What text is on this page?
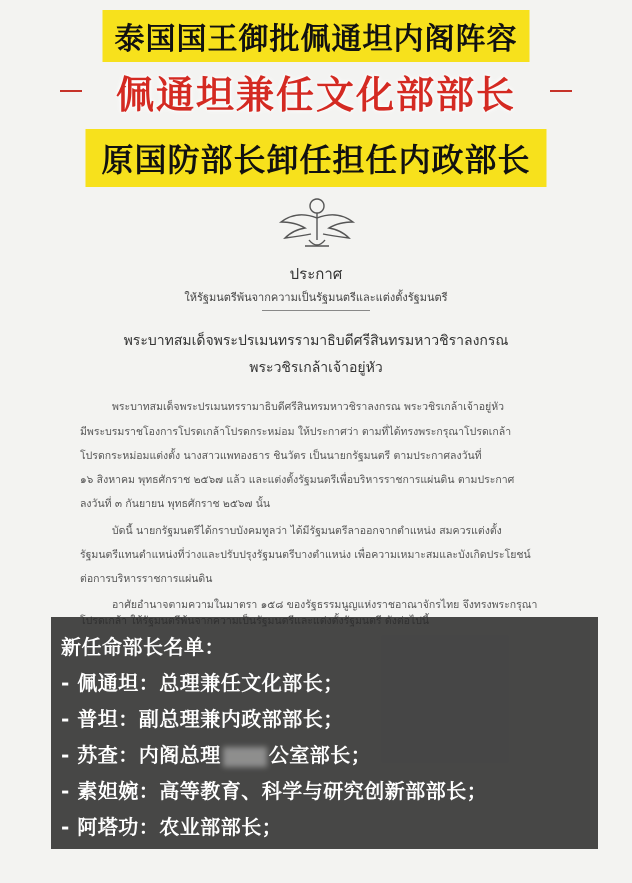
ประกาศ
ให้รัฐมนตรีพ้นจากความเป็นรัฐมนตรีและแต่งตั้งรัฐมนตรี
พระบาทสมเด็จพระปรเมนทรรามาธิบดีศรีสินทรมหาวชิราลงกรณ
พระวชิรเกล้าเจ้าอยู่หัว
พระบาทสมเด็จพระปรเมนทรรามาธิบดีศรีสินทรมหาวชิราลงกรณ พระวชิรเกล้าเจ้าอยู่หัว
มีพระบรมราชโองการโปรดเกล้าโปรดกระหม่อม ให้ประกาศว่า ตามที่ได้ทรงพระกรุณาโปรดเกล้า
โปรดกระหม่อมแต่งตั้ง นางสาวแพทองธาร ชินวัตร เป็นนายกรัฐมนตรี ตามประกาศลงวันที่
๑๖ สิงหาคม พุทธศักราช ๒๕๖๗ แล้ว และแต่งตั้งรัฐมนตรีเพื่อบริหารราชการแผ่นดิน ตามประกาศ
ลงวันที่ ๓ กันยายน พุทธศักราช ๒๕๖๗ นั้น
บัดนี้ นายกรัฐมนตรีได้กราบบังคมทูลว่า ได้มีรัฐมนตรีลาออกจากตำแหน่ง สมควรแต่งตั้ง
รัฐมนตรีแทนตำแหน่งที่ว่างและปรับปรุงรัฐมนตรีบางตำแหน่ง เพื่อความเหมาะสมและบังเกิดประโยชน์
ต่อการบริหารราชการแผ่นดิน
อาศัยอำนาจตามความในมาตรา ๑๕๘ ของรัฐธรรมนูญแห่งราชอาณาจักรไทย จึงทรงพระกรุณา
泰国国王御批佩通坦内阁阵容
佩通坦兼任文化部部长
原国防部长卸任担任内政部长
新任命部长名单：
- 佩通坦：总理兼任文化部长；
- 普坦：副总理兼内政部部长；
- 苏查：内阁总理 公室部长；
- 素妲婉：高等教育、科学与研究创新部部长；
- 阿塔功：农业部部长；
